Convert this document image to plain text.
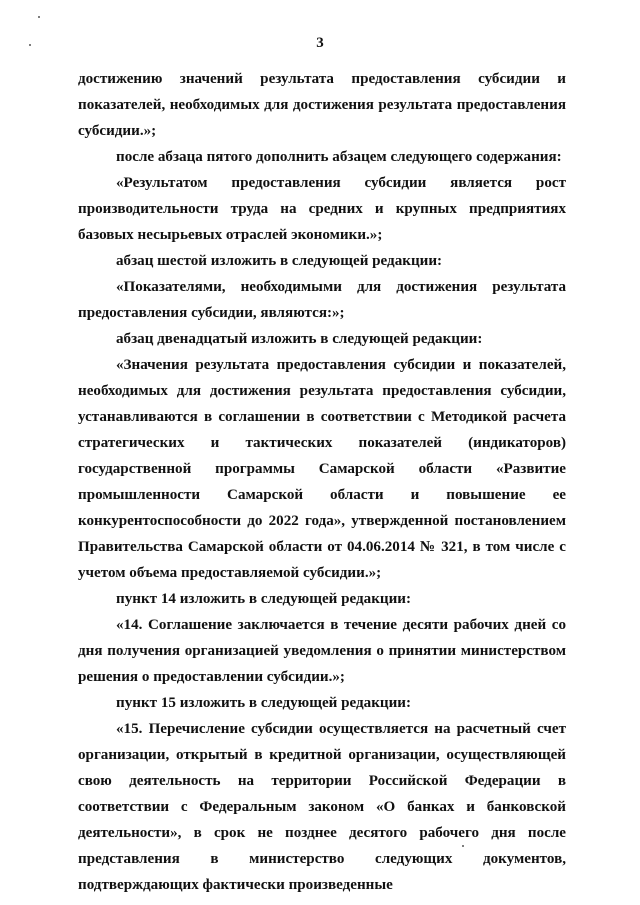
3

достижению значений результата предоставления субсидии и показателей, необходимых для достижения результата предоставления субсидии.»;

после абзаца пятого дополнить абзацем следующего содержания:

«Результатом предоставления субсидии является рост производительности труда на средних и крупных предприятиях базовых несырьевых отраслей экономики.»;

абзац шестой изложить в следующей редакции:

«Показателями, необходимыми для достижения результата предоставления субсидии, являются:»;

абзац двенадцатый изложить в следующей редакции:

«Значения результата предоставления субсидии и показателей, необходимых для достижения результата предоставления субсидии, устанавливаются в соглашении в соответствии с Методикой расчета стратегических и тактических показателей (индикаторов) государственной программы Самарской области «Развитие промышленности Самарской области и повышение ее конкурентоспособности до 2022 года», утвержденной постановлением Правительства Самарской области от 04.06.2014 № 321, в том числе с учетом объема предоставляемой субсидии.»;

пункт 14 изложить в следующей редакции:

«14. Соглашение заключается в течение десяти рабочих дней со дня получения организацией уведомления о принятии министерством решения о предоставлении субсидии.»;

пункт 15 изложить в следующей редакции:

«15. Перечисление субсидии осуществляется на расчетный счет организации, открытый в кредитной организации, осуществляющей свою деятельность на территории Российской Федерации в соответствии с Федеральным законом «О банках и банковской деятельности», в срок не позднее десятого рабочего дня после представления в министерство следующих документов, подтверждающих фактически произведенные
